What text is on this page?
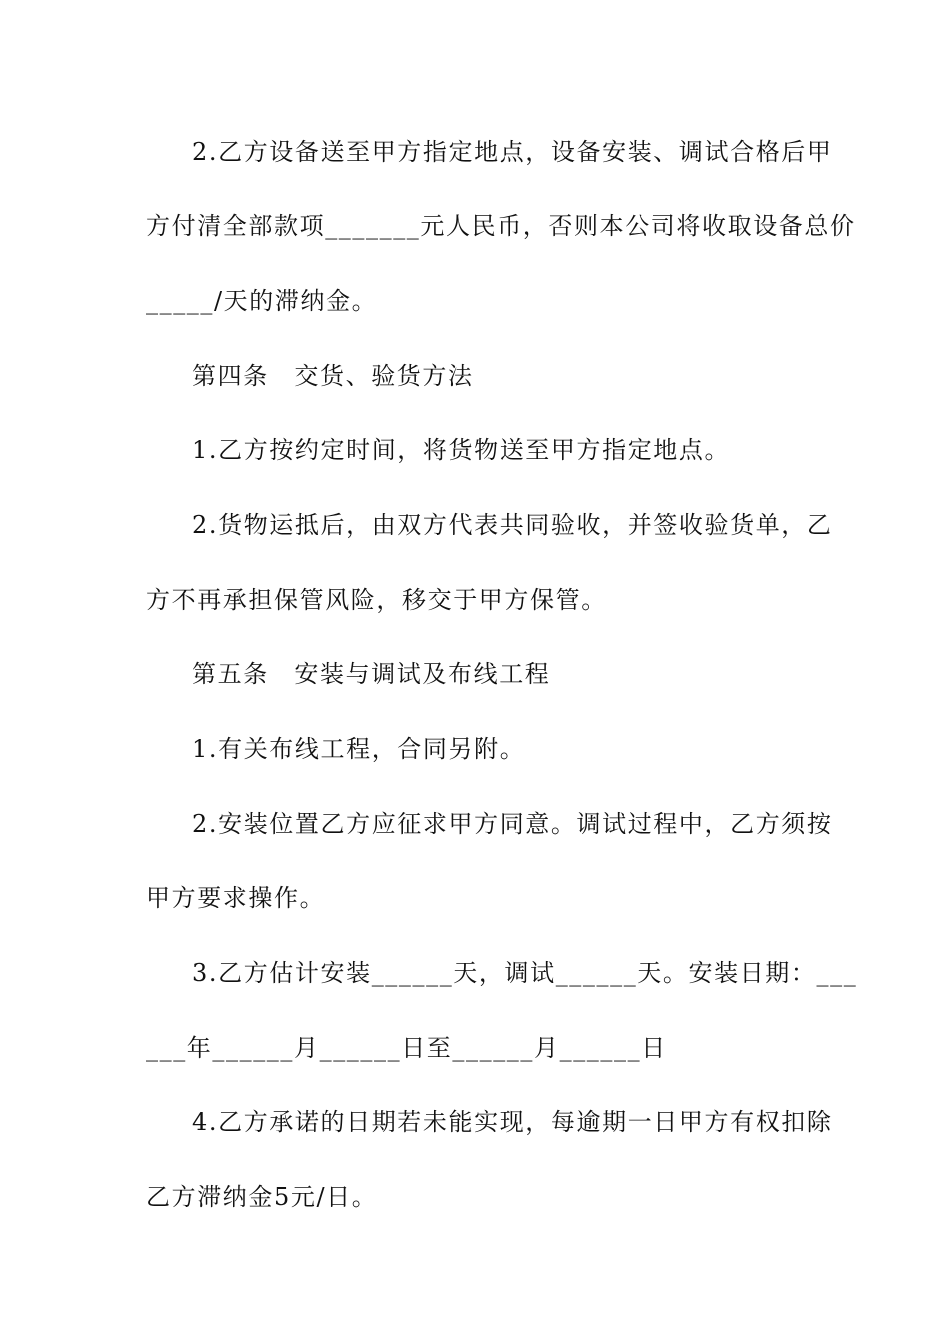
2.乙方设备送至甲方指定地点，设备安装、调试合格后甲
方付清全部款项_______元人民币，否则本公司将收取设备总价
_____/天的滞纳金。
第四条　交货、验货方法
1.乙方按约定时间，将货物送至甲方指定地点。
2.货物运抵后，由双方代表共同验收，并签收验货单，乙
方不再承担保管风险，移交于甲方保管。
第五条　安装与调试及布线工程
1.有关布线工程，合同另附。
2.安装位置乙方应征求甲方同意。调试过程中，乙方须按
甲方要求操作。
3.乙方估计安装______天，调试______天。安装日期：___
___年______月______日至______月______日
4.乙方承诺的日期若未能实现，每逾期一日甲方有权扣除
乙方滞纳金5元/日。
